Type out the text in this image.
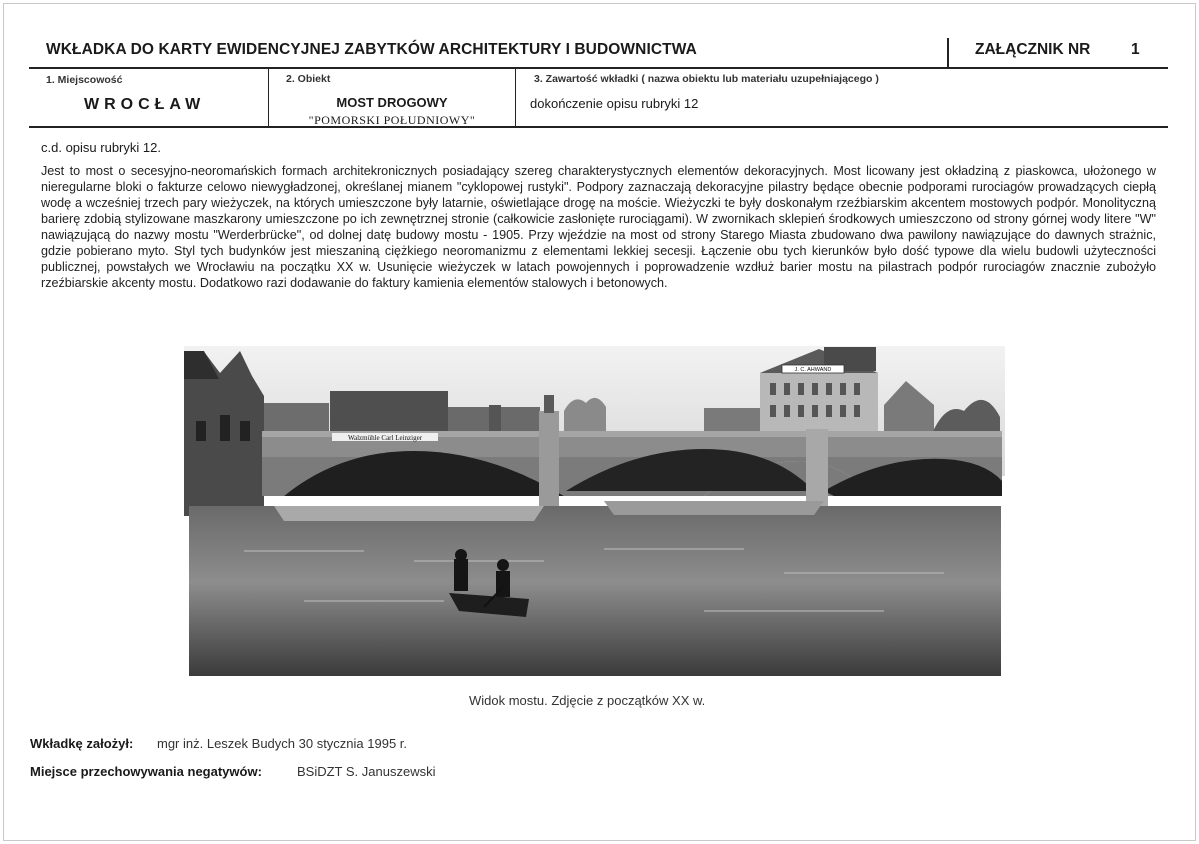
WKŁADKA DO KARTY EWIDENCYJNEJ ZABYTKÓW ARCHITEKTURY I BUDOWNICTWA	ZAŁĄCZNIK NR	1
1. Miejscowość	2. Obiekt	3. Zawartość wkładki ( nazwa obiektu lub materiału uzupełniającego )
WROCŁAW	MOST DROGOWY
"POMORSKI POŁUDNIOWY"
dokończenie opisu rubryki 12
c.d. opisu rubryki 12.
Jest to most o secesyjno-neoromańskich formach architekronicznych posiadający szereg charakterystycznych elementów dekoracyjnych. Most licowany jest okładziną z piaskowca, ułożonego w nieregularne bloki o fakturze celowo niewygładzonej, określanej mianem "cyklopowej rustyki". Podpory zaznaczają dekoracyjne pilastry będące obecnie podporami rurociagów prowadzących ciepłą wodę a wcześniej trzech pary wieżyczek, na których umieszczone były latarnie, oświetlające drogę na moście. Wieżyczki te były doskonałym rzeźbiarskim akcentem mostowych podpór. Monolityczną barierę zdobią stylizowane maszkarony umieszczone po ich zewnętrznej stronie (całkowicie zasłonięte rurociągami). W zwornikach sklepień środkowych umieszczono od strony górnej wody litere "W" nawiązującą do nazwy mostu "Werderbrücke", od dolnej datę budowy mostu - 1905. Przy wjeździe na most od strony Starego Miasta zbudowano dwa pawilony nawiązujące do dawnych strażnic, gdzie pobierano myto. Styl tych budynków jest mieszaniną ciężkiego neoromanizmu z elementami lekkiej secesji. Łączenie obu tych kierunków było dość typowe dla wielu budowli użyteczności publicznej, powstałych we Wrocławiu na początku XX w. Usunięcie wieżyczek w latach powojennych i poprowadzenie wzdłuż barier mostu na pilastrach podpór rurociagów znacznie zubożyło rzeźbiarskie akcenty mostu. Dodatkowo razi dodawanie do faktury kamienia elementów stalowych i betonowych.
Walzmühle Carl Leinziger
J. C. AHWAND
Widok mostu. Zdjęcie z początków XX w.
Wkładkę założył: mgr inż. Leszek Budych 30 stycznia 1995 r.
Miejsce przechowywania negatywów:	BSiDZT S. Januszewski
